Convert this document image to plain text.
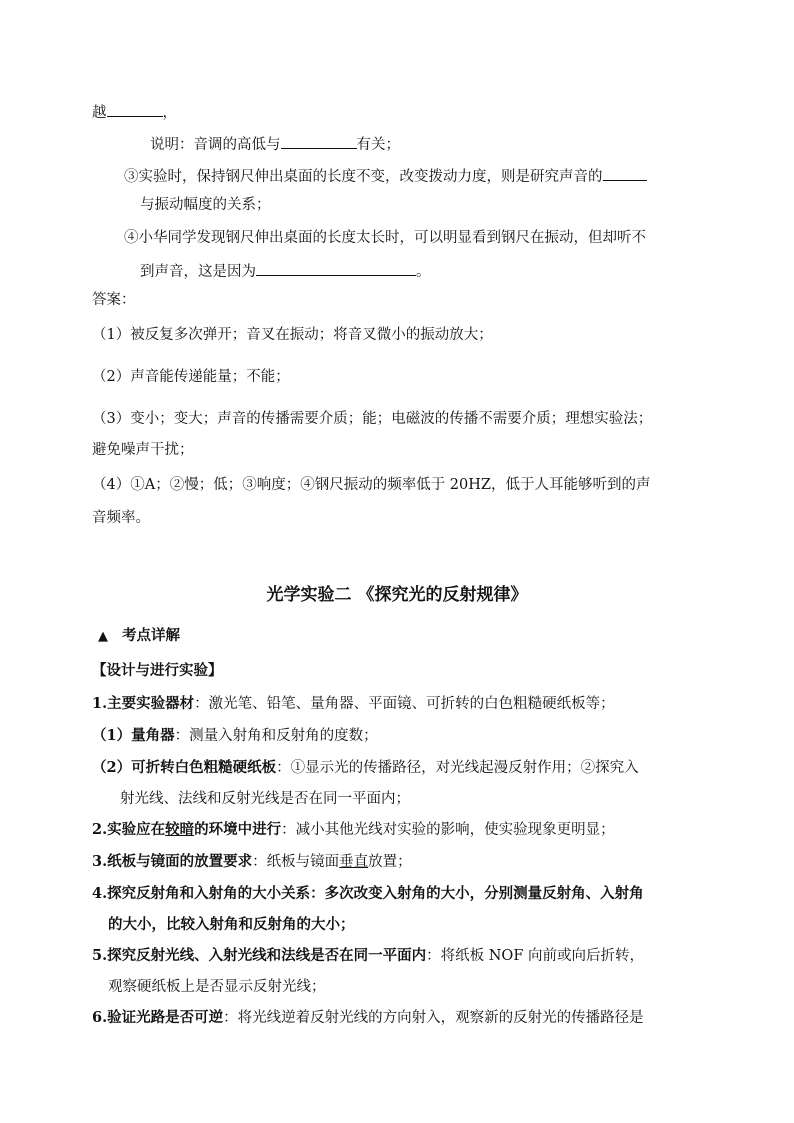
越	，
说明：音调的高低与	有关；
③实验时，保持钢尺伸出桌面的长度不变，改变拨动力度，则是研究声音的
与振动幅度的关系；
④小华同学发现钢尺伸出桌面的长度太长时，可以明显看到钢尺在振动，但却听不
到声音，这是因为	。
答案：
（1）被反复多次弹开；音叉在振动；将音叉微小的振动放大；
（2）声音能传递能量；不能；
（3）变小；变大；声音的传播需要介质；能；电磁波的传播不需要介质；理想实验法；
避免噪声干扰；
（4）①A；②慢；低；③响度；④钢尺振动的频率低于 20HZ，低于人耳能够听到的声
音频率。
光学实验二 《探究光的反射规律》
▲ 考点详解
【设计与进行实验】
1.主要实验器材：激光笔、铅笔、量角器、平面镜、可折转的白色粗糙硬纸板等；
（1）量角器：测量入射角和反射角的度数；
（2）可折转白色粗糙硬纸板：①显示光的传播路径，对光线起漫反射作用；②探究入
射光线、法线和反射光线是否在同一平面内；
2.实验应在较暗的环境中进行：减小其他光线对实验的影响，使实验现象更明显；
3.纸板与镜面的放置要求：纸板与镜面垂直放置；
4.探究反射角和入射角的大小关系：多次改变入射角的大小，分别测量反射角、入射角
的大小，比较入射角和反射角的大小；
5.探究反射光线、入射光线和法线是否在同一平面内：将纸板 NOF 向前或向后折转，
观察硬纸板上是否显示反射光线；
6.验证光路是否可逆：将光线逆着反射光线的方向射入，观察新的反射光的传播路径是
